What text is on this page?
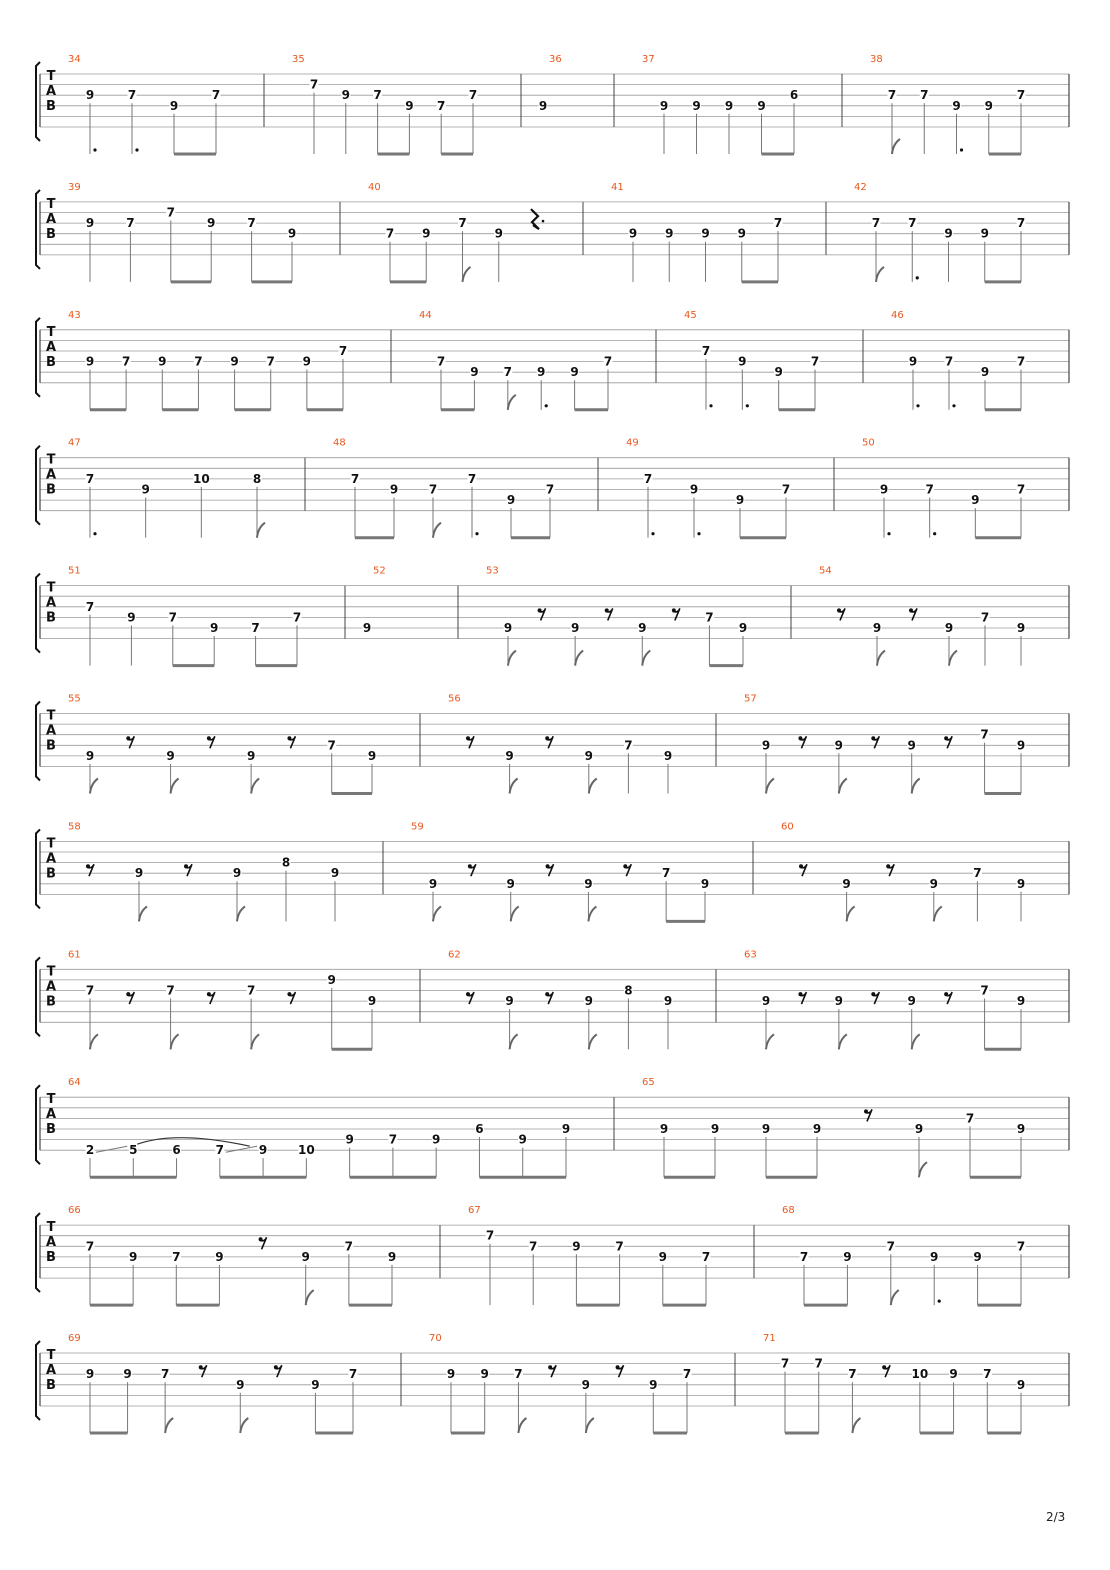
T
A
B
34
9	7
9
7
35
7
9 7
9 7
7
36
9
37
9 9 9 9
6
38
7 7
9 9
7
T
A
B
39
9	7
7
9	7
9
40
7 9
7
9
41
9 9 9 9
7
42
7 7
9 9
7
T
A
B
43
9 7 9 7 9 7 9
7
44
7
9 7 9 9
7
45
7
9
9
7
46
9 7
9
7
T
A
B
47
7
9
10	8
48
7
9	7
7
9
7
49
7
9
9
7
50
9	7
9
7
T
A
B
51
7
9	7
9	7
7
52
9
53
9	9	9
7
9
54
9	9
7
9
T
A
B
55
9	9	9
7
9
56
9	9
7
9
57
9	9	9
7
9
T
A
B
58
9	9
8
9
59
9	9	9
7
9
60
9	9
7
9
T
A
B
61
7	7	7
9
9
62
9	9
8
9
63
9	9	9
7
9
T
A
B
64
2	5	6	7	9	10
9	7	9
6
9
9
65
9	9	9	9	9
7
9
T
A
B
66
7
9	7	9	9
7
9
67
7
7	9	7
9	7
68
7	9
7
9	9
7
T
A
B
69
9 9 7
9	9
7
70
9 9 7
9	9
7
71
7 7
7	10 9 7
9
2/3
